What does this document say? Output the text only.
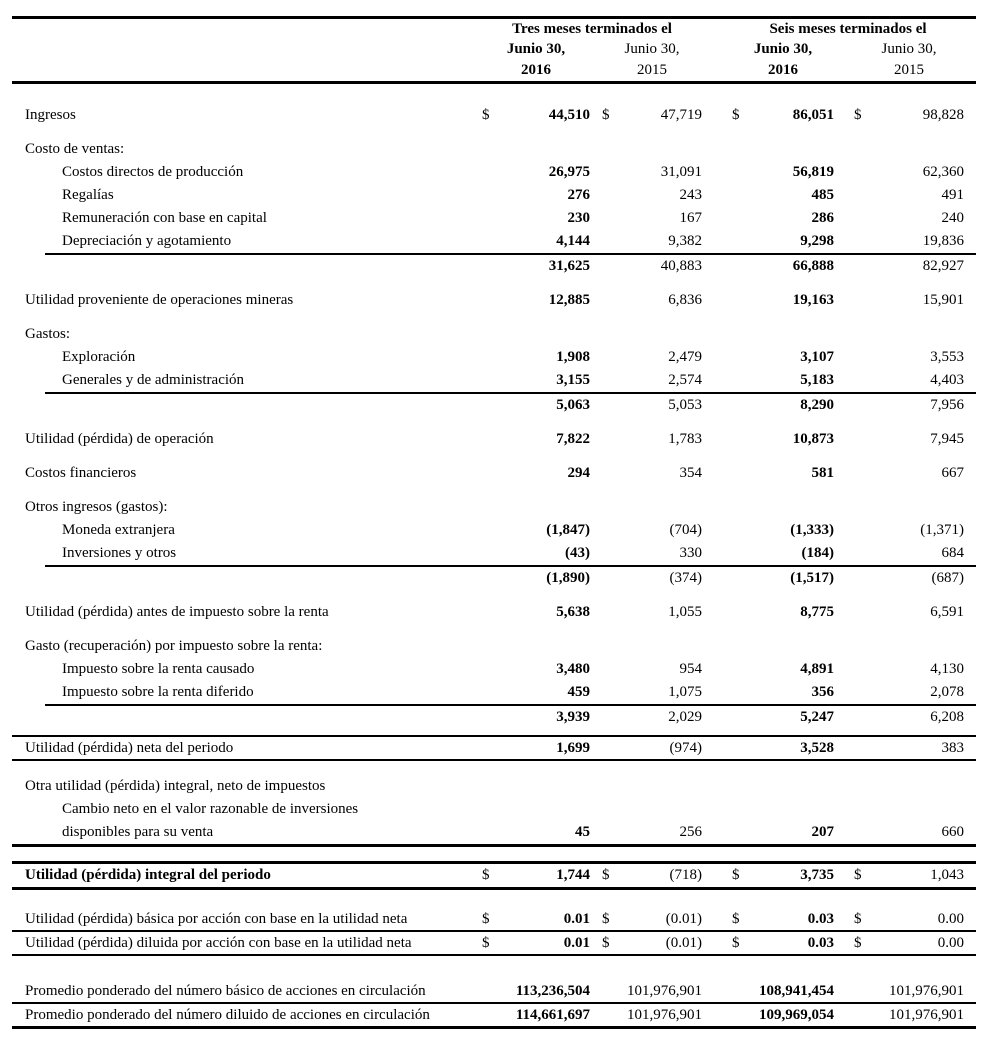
Tres meses terminados el	Seis meses terminados el
Junio 30,	Junio 30,	Junio 30,	Junio 30,
2016	2015	2016	2015
Ingresos	$	44,510 $	47,719 $	86,051 $	98,828
Costo de ventas:
Costos directos de producción	26,975	31,091	56,819	62,360
Regalías	276	243	485	491
Remuneración con base en capital	230	167	286	240
Depreciación y agotamiento	4,144	9,382	9,298	19,836
31,625	40,883	66,888	82,927
Utilidad proveniente de operaciones mineras	12,885	6,836	19,163	15,901
Gastos:
Exploración	1,908	2,479	3,107	3,553
Generales y de administración	3,155	2,574	5,183	4,403
5,063	5,053	8,290	7,956
Utilidad (pérdida) de operación	7,822	1,783	10,873	7,945
Costos financieros	294	354	581	667
Otros ingresos (gastos):
Moneda extranjera	(1,847)	(704)	(1,333)	(1,371)
Inversiones y otros	(43)	330	(184)	684
(1,890)	(374)	(1,517)	(687)
Utilidad (pérdida) antes de impuesto sobre la renta	5,638	1,055	8,775	6,591
Gasto (recuperación) por impuesto sobre la renta:
Impuesto sobre la renta causado	3,480	954	4,891	4,130
Impuesto sobre la renta diferido	459	1,075	356	2,078
3,939	2,029	5,247	6,208
Utilidad (pérdida) neta del periodo	1,699	(974)	3,528	383
Otra utilidad (pérdida) integral, neto de impuestos
Cambio neto en el valor razonable de inversiones
disponibles para su venta	45	256	207	660
Utilidad (pérdida) integral del periodo	$	1,744 $	(718) $	3,735 $	1,043
Utilidad (pérdida) básica por acción con base en la utilidad neta	$	0.01 $	(0.01) $	0.03 $	0.00
Utilidad (pérdida) diluida por acción con base en la utilidad neta	$	0.01 $	(0.01) $	0.03 $	0.00
Promedio ponderado del número básico de acciones en circulación	113,236,504	101,976,901	108,941,454	101,976,901
Promedio ponderado del número diluido de acciones en circulación	114,661,697	101,976,901	109,969,054	101,976,901
